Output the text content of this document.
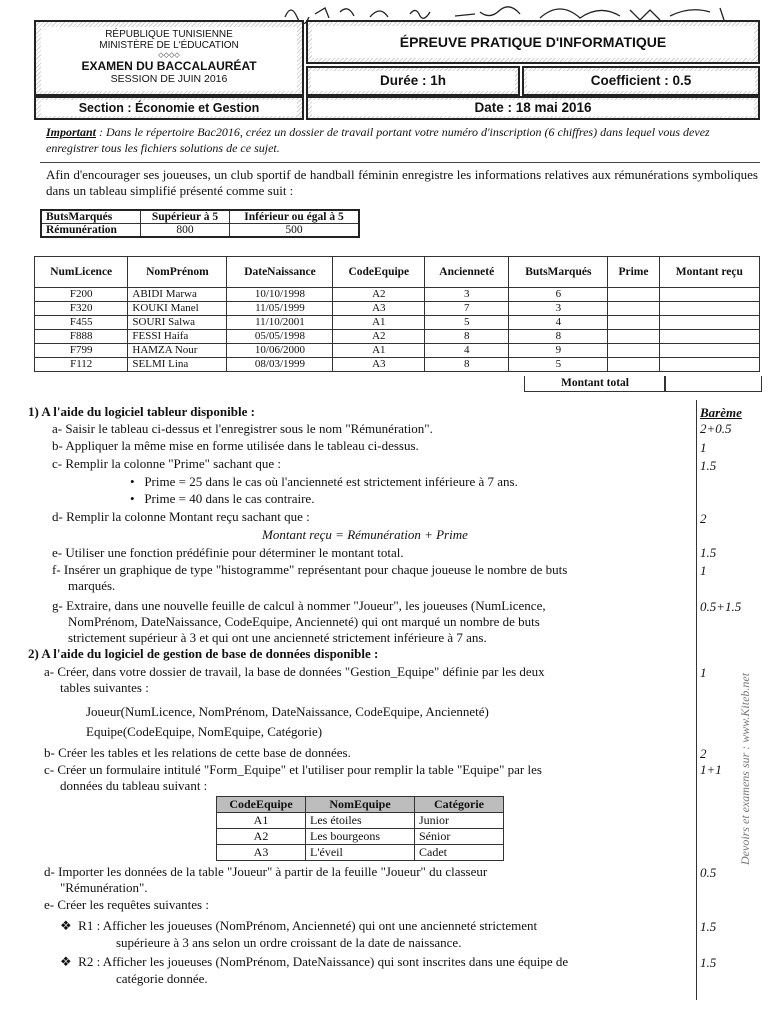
RÉPUBLIQUE TUNISIENNE
MINISTÈRE DE L'ÉDUCATION
◇◇◇◇
EXAMEN DU BACCALAURÉAT
SESSION DE JUIN 2016
ÉPREUVE PRATIQUE D'INFORMATIQUE
Durée : 1h	Coefficient : 0.5
Section : Économie et Gestion	Date : 18 mai 2016
Important : Dans le répertoire Bac2016, créez un dossier de travail portant votre numéro d'inscription (6 chiffres) dans lequel vous devez enregistrer tous les fichiers solutions de ce sujet.
Afin d'encourager ses joueuses, un club sportif de handball féminin enregistre les informations relatives aux rémunérations symboliques dans un tableau simplifié présenté comme suit :
ButsMarqués	Supérieur à 5	Inférieur ou égal à 5
Rémunération	800	500
NumLicence	NomPrénom	DateNaissance	CodeEquipe	Ancienneté	ButsMarqués	Prime	Montant reçu
F200	ABIDI Marwa	10/10/1998	A2	3	6		
F320	KOUKI Manel	11/05/1999	A3	7	3		
F455	SOURI Salwa	11/10/2001	A1	5	4		
F888	FESSI Haifa	05/05/1998	A2	8	8		
F799	HAMZA Nour	10/06/2000	A1	4	9		
F112	SELMI Lina	08/03/1999	A3	8	5		
Montant total
1) A l'aide du logiciel tableur disponible :	Barème
a- Saisir le tableau ci-dessus et l'enregistrer sous le nom "Rémunération".	2+0.5
b- Appliquer la même mise en forme utilisée dans le tableau ci-dessus.	1
c- Remplir la colonne "Prime" sachant que :	1.5
•   Prime = 25 dans le cas où l'ancienneté est strictement inférieure à 7 ans.
•   Prime = 40 dans le cas contraire.
d- Remplir la colonne Montant reçu sachant que :	2
Montant reçu = Rémunération + Prime
e- Utiliser une fonction prédéfinie pour déterminer le montant total.	1.5
f- Insérer un graphique de type "histogramme" représentant pour chaque joueuse le nombre de buts	1
marqués.
g- Extraire, dans une nouvelle feuille de calcul à nommer "Joueur", les joueuses (NumLicence,	0.5+1.5
NomPrénom, DateNaissance, CodeEquipe, Ancienneté) qui ont marqué un nombre de buts
strictement supérieur à 3 et qui ont une ancienneté strictement inférieure à 7 ans.
2) A l'aide du logiciel de gestion de base de données disponible :
a- Créer, dans votre dossier de travail, la base de données "Gestion_Equipe" définie par les deux	1
tables suivantes :
Joueur(NumLicence, NomPrénom, DateNaissance, CodeEquipe, Ancienneté)
Equipe(CodeEquipe, NomEquipe, Catégorie)
b- Créer les tables et les relations de cette base de données.	2
c- Créer un formulaire intitulé "Form_Equipe" et l'utiliser pour remplir la table "Equipe" par les	1+1
données du tableau suivant :
CodeEquipe	NomEquipe	Catégorie
A1	Les étoiles	Junior
A2	Les bourgeons	Sénior
A3	L'éveil	Cadet
d- Importer les données de la table "Joueur" à partir de la feuille "Joueur" du classeur	0.5
"Rémunération".
e- Créer les requêtes suivantes :
❖  R1 : Afficher les joueuses (NomPrénom, Ancienneté) qui ont une ancienneté strictement	1.5
supérieure à 3 ans selon un ordre croissant de la date de naissance.
❖  R2 : Afficher les joueuses (NomPrénom, DateNaissance) qui sont inscrites dans une équipe de	1.5
catégorie donnée.
Devoirs et examens sur : www.Kiteb.net
